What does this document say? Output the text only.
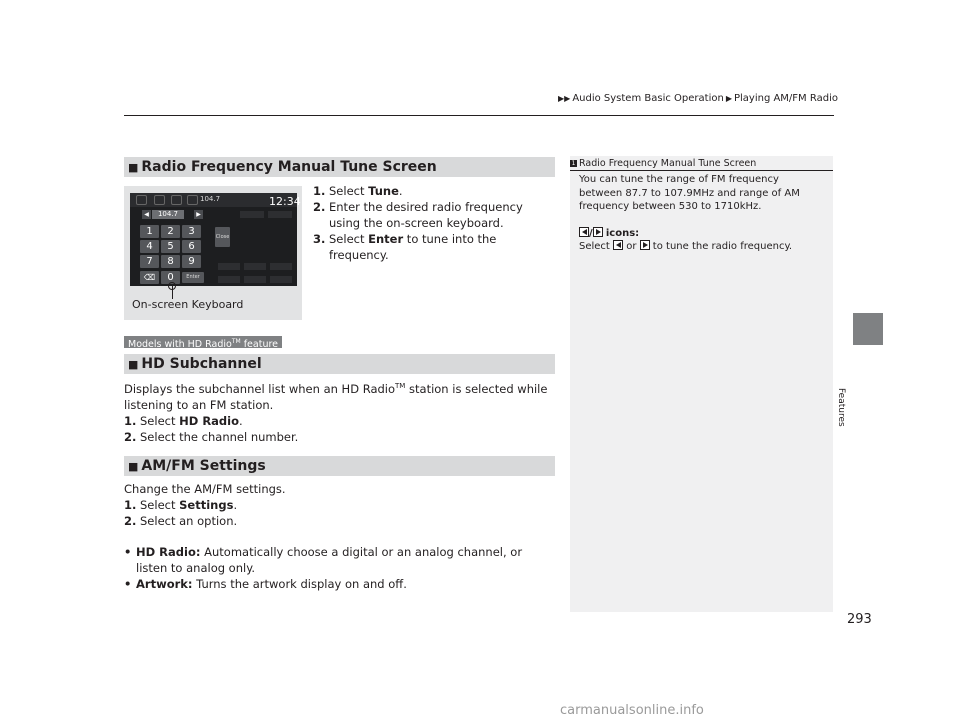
▶▶ Audio System Basic Operation ▶ Playing AM/FM Radio
Features
■ Radio Frequency Manual Tune Screen
104.7	12:34
◀	104.7	▶
1	2	3
4	5	6
7	8	9
⌫	0	Enter
Close
On-screen Keyboard
1. Select Tune.
2. Enter the desired radio frequency using the on-screen keyboard.
3. Select Enter to tune into the frequency.
Models with HD Radio™ feature
■ HD Subchannel
Displays the subchannel list when an HD Radio™ station is selected while listening to an FM station.
1. Select HD Radio.
2. Select the channel number.
■ AM/FM Settings
Change the AM/FM settings.
1. Select Settings.
2. Select an option.
• HD Radio: Automatically choose a digital or an analog channel, or listen to analog only.
• Artwork: Turns the artwork display on and off.
1 Radio Frequency Manual Tune Screen
You can tune the range of FM frequency between 87.7 to 107.9MHz and range of AM frequency between 530 to 1710kHz.
/ icons:
Select  or  to tune the radio frequency.
293
carmanualsonline.info
